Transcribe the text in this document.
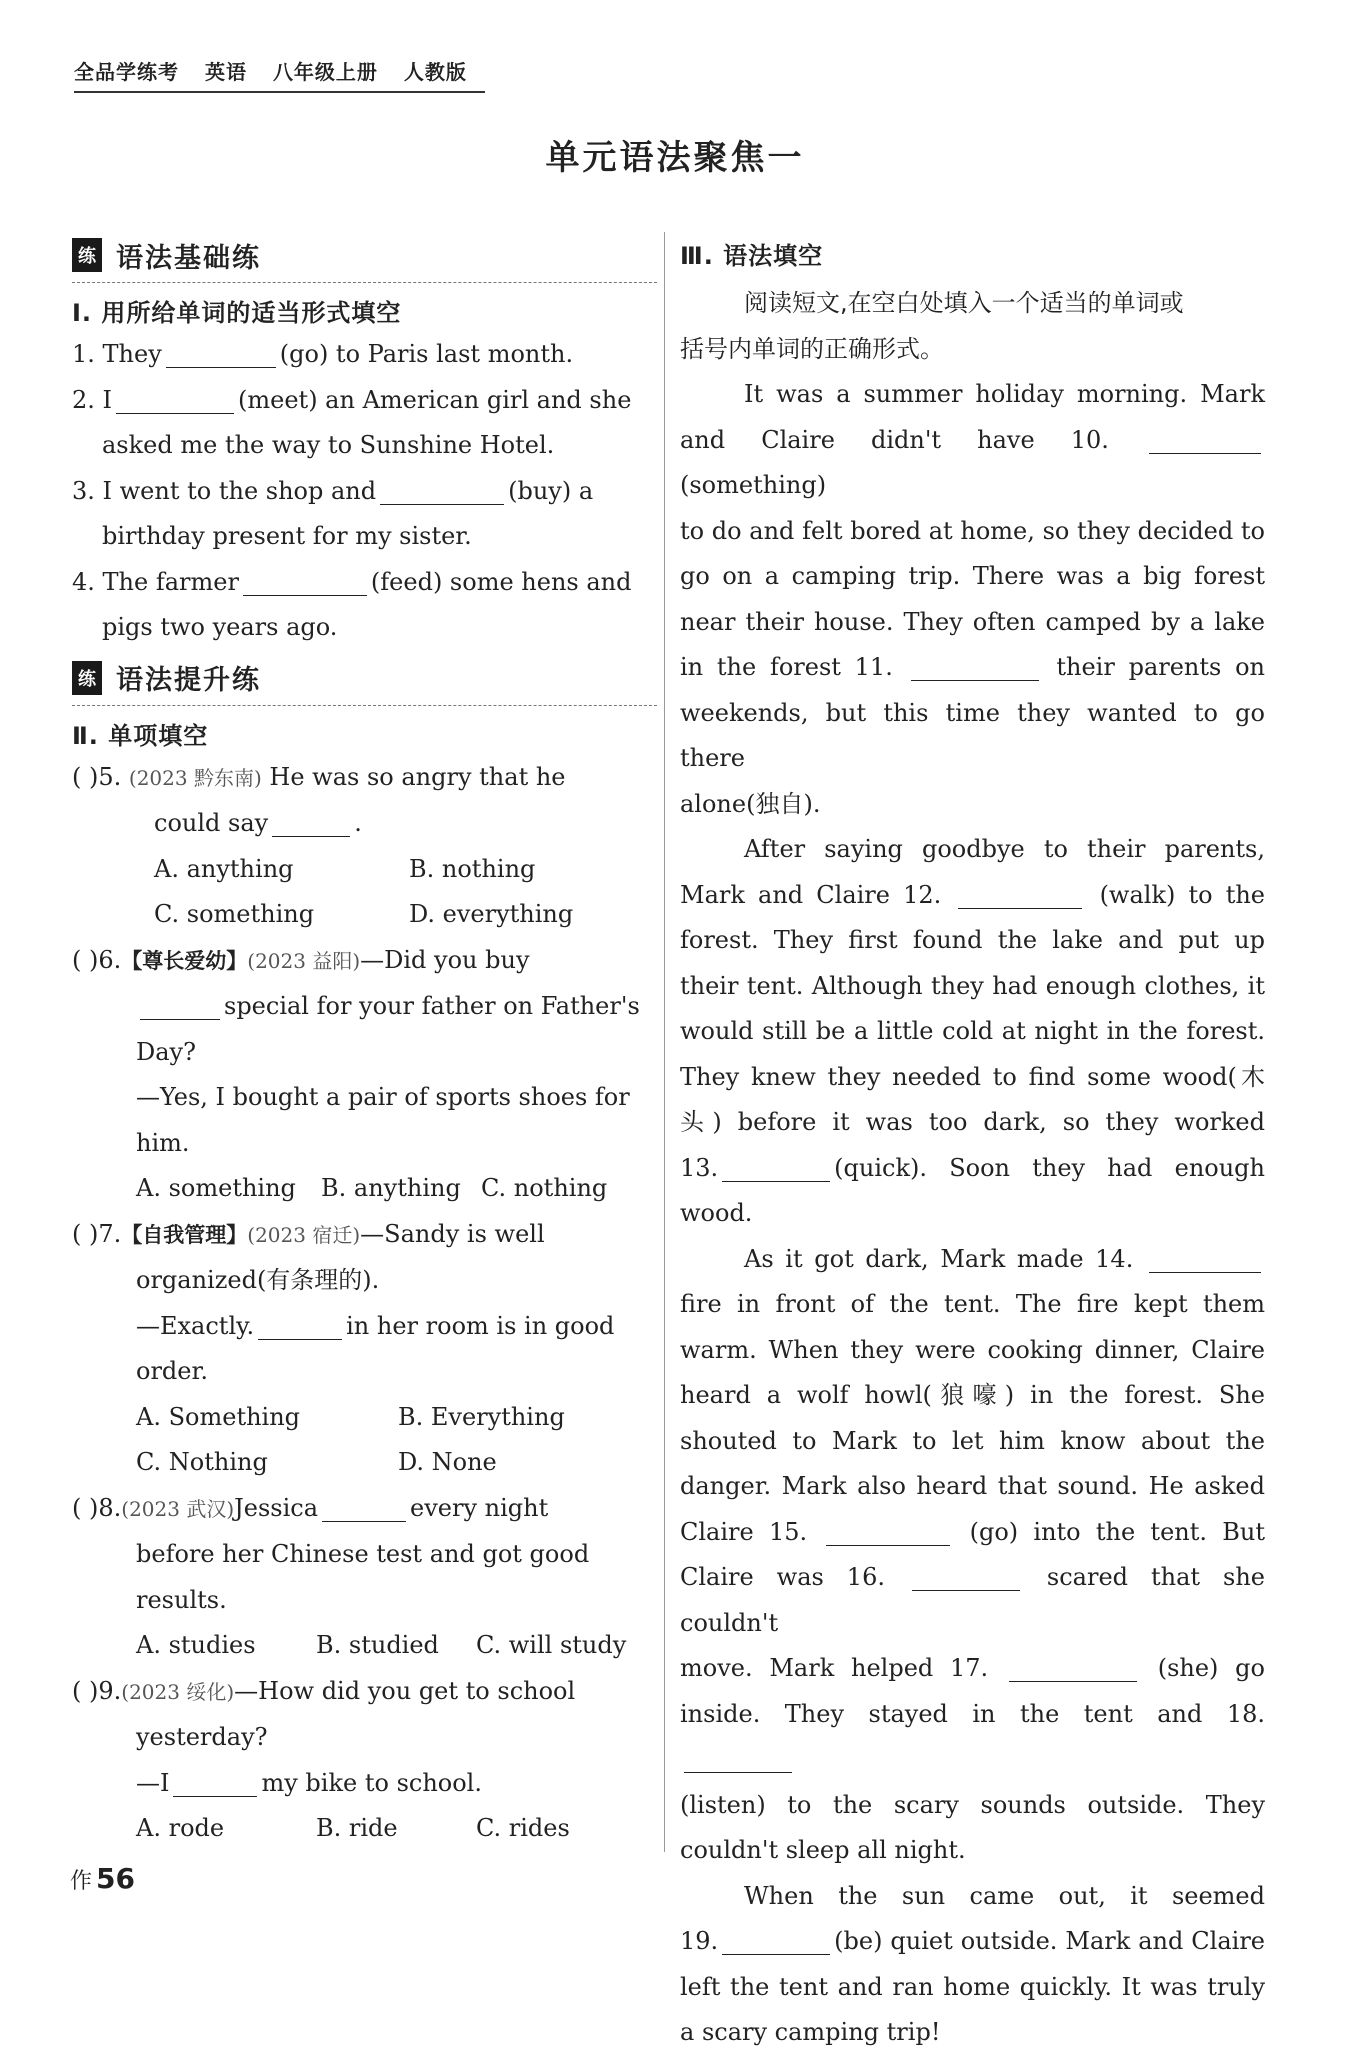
全品学练考 英语 八年级上册 人教版
单元语法聚焦一
练 语法基础练
Ⅰ. 用所给单词的适当形式填空
1. They	(go) to Paris last month.
2. I	(meet) an American girl and she
asked me the way to Sunshine Hotel.
3. I went to the shop and	(buy) a
birthday present for my sister.
4. The farmer	(feed) some hens and
pigs two years ago.
练 语法提升练
Ⅱ. 单项填空
( )5. (2023 黔东南) He was so angry that he
could say	.
A. anything	B. nothing
C. something	D. everything
( )6.【尊长爱幼】(2023 益阳)—Did you buy
special for your father on Father's
Day?
—Yes, I bought a pair of sports shoes for
him.
A. something	B. anything C. nothing
( )7.【自我管理】(2023 宿迁)—Sandy is well
organized(有条理的).
—Exactly.	in her room is in good
order.
A. Something	B. Everything
C. Nothing	D. None
( )8.(2023 武汉)Jessica	every night
before her Chinese test and got good
results.
A. studies	B. studied	C. will study
( )9.(2023 绥化)—How did you get to school
yesterday?
—I	my bike to school.
A. rode	B. ride	C. rides
Ⅲ. 语法填空
阅读短文,在空白处填入一个适当的单词或
括号内单词的正确形式。
It was a summer holiday morning. Mark
and Claire didn't have 10. (something)
to do and felt bored at home, so they decided to
go on a camping trip. There was a big forest
near their house. They often camped by a lake
in the forest 11.	their parents on
weekends, but this time they wanted to go there
alone(独自).
After saying goodbye to their parents,
Mark and Claire 12.	(walk) to the
forest. They first found the lake and put up
their tent. Although they had enough clothes, it
would still be a little cold at night in the forest.
They knew they needed to find some wood(木
头) before it was too dark, so they worked
13.	(quick). Soon they had enough wood.
As it got dark, Mark made 14.
fire in front of the tent. The fire kept them
warm. When they were cooking dinner, Claire
heard a wolf howl(狼嚎) in the forest. She
shouted to Mark to let him know about the
danger. Mark also heard that sound. He asked
Claire 15.	(go) into the tent. But
Claire was 16.	scared that she couldn't
move. Mark helped 17.	(she) go
inside. They stayed in the tent and 18.
(listen) to the scary sounds outside. They
couldn't sleep all night.
When the sun came out, it seemed
19.	(be) quiet outside. Mark and Claire
left the tent and ran home quickly. It was truly
a scary camping trip!
作 56
